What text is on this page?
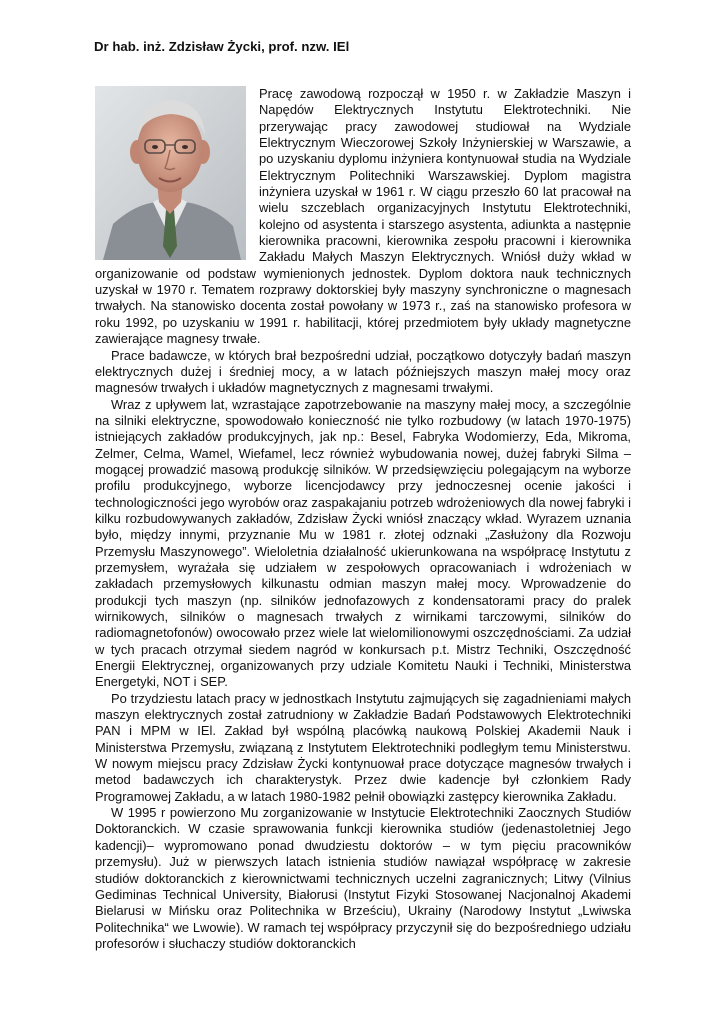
Dr hab. inż. Zdzisław Życki, prof. nzw. IEl

Pracę zawodową rozpoczął w 1950 r. w Zakładzie Maszyn i Napędów Elektrycznych Instytutu Elektrotechniki. Nie przerywając pracy zawodowej studiował na Wydziale Elektrycznym Wieczorowej Szkoły Inżynierskiej w Warszawie, a po uzyskaniu dyplomu inżyniera kontynuował studia na Wydziale Elektrycznym Politechniki Warszawskiej. Dyplom magistra inżyniera uzyskał w 1961 r. W ciągu przeszło 60 lat pracował na wielu szczeblach organizacyjnych Instytutu Elektrotechniki, kolejno od asystenta i starszego asystenta, adiunkta a następnie kierownika pracowni, kierownika zespołu pracowni i kierownika Zakładu Małych Maszyn Elektrycznych. Wniósł duży wkład w organizowanie od podstaw wymienionych jednostek. Dyplom doktora nauk technicznych uzyskał w 1970 r. Tematem rozprawy doktorskiej były maszyny synchroniczne o magnesach trwałych. Na stanowisko docenta został powołany w 1973 r., zaś na stanowisko profesora w roku 1992, po uzyskaniu w 1991 r. habilitacji, której przedmiotem były układy magnetyczne zawierające magnesy trwałe.

Prace badawcze, w których brał bezpośredni udział, początkowo dotyczyły badań maszyn elektrycznych dużej i średniej mocy, a w latach późniejszych maszyn małej mocy oraz magnesów trwałych i układów magnetycznych z magnesami trwałymi.

Wraz z upływem lat, wzrastające zapotrzebowanie na maszyny małej mocy, a szczególnie na silniki elektryczne, spowodowało konieczność nie tylko rozbudowy (w latach 1970-1975) istniejących zakładów produkcyjnych, jak np.: Besel, Fabryka Wodomierzy, Eda, Mikroma, Zelmer, Celma, Wamel, Wiefamel, lecz również wybudowania nowej, dużej fabryki Silma – mogącej prowadzić masową produkcję silników. W przedsięwzięciu polegającym na wyborze profilu produkcyjnego, wyborze licencjodawcy przy jednoczesnej ocenie jakości i technologiczności jego wyrobów oraz zaspakajaniu potrzeb wdrożeniowych dla nowej fabryki i kilku rozbudowywanych zakładów, Zdzisław Życki wniósł znaczący wkład. Wyrazem uznania było, między innymi, przyznanie Mu w 1981 r. złotej odznaki „Zasłużony dla Rozwoju Przemysłu Maszynowego”. Wieloletnia działalność ukierunkowana na współpracę Instytutu z przemysłem, wyrażała się udziałem w zespołowych opracowaniach i wdrożeniach w zakładach przemysłowych kilkunastu odmian maszyn małej mocy. Wprowadzenie do produkcji tych maszyn (np. silników jednofazowych z kondensatorami pracy do pralek wirnikowych, silników o magnesach trwałych z wirnikami tarczowymi, silników do radiomagnetofonów) owocowało przez wiele lat wielomilionowymi oszczędnościami. Za udział w tych pracach otrzymał siedem nagród w konkursach p.t. Mistrz Techniki, Oszczędność Energii Elektrycznej, organizowanych przy udziale Komitetu Nauki i Techniki, Ministerstwa Energetyki, NOT i SEP.

Po trzydziestu latach pracy w jednostkach Instytutu zajmujących się zagadnieniami małych maszyn elektrycznych został zatrudniony w Zakładzie Badań Podstawowych Elektrotechniki PAN i MPM w IEl. Zakład był wspólną placówką naukową Polskiej Akademii Nauk i Ministerstwa Przemysłu, związaną z Instytutem Elektrotechniki podległym temu Ministerstwu. W nowym miejscu pracy Zdzisław Życki kontynuował prace dotyczące magnesów trwałych i metod badawczych ich charakterystyk. Przez dwie kadencje był członkiem Rady Programowej Zakładu, a w latach 1980-1982 pełnił obowiązki zastępcy kierownika Zakładu.

W 1995 r powierzono Mu zorganizowanie w Instytucie Elektrotechniki Zaocznych Studiów Doktoranckich. W czasie sprawowania funkcji kierownika studiów (jedenastoletniej Jego kadencji)– wypromowano ponad dwudziestu doktorów – w tym pięciu pracowników przemysłu). Już w pierwszych latach istnienia studiów nawiązał współpracę w zakresie studiów doktoranckich z kierownictwami technicznych uczelni zagranicznych; Litwy (Vilnius Gediminas Technical University, Białorusi (Instytut Fizyki Stosowanej Nacjonalnoj Akademi Bielarusi w Mińsku oraz Politechnika w Brześciu), Ukrainy (Narodowy Instytut „Lwiwska Politechnika“ we Lwowie). W ramach tej współpracy przyczynił się do bezpośredniego udziału profesorów i słuchaczy studiów doktoranckich
